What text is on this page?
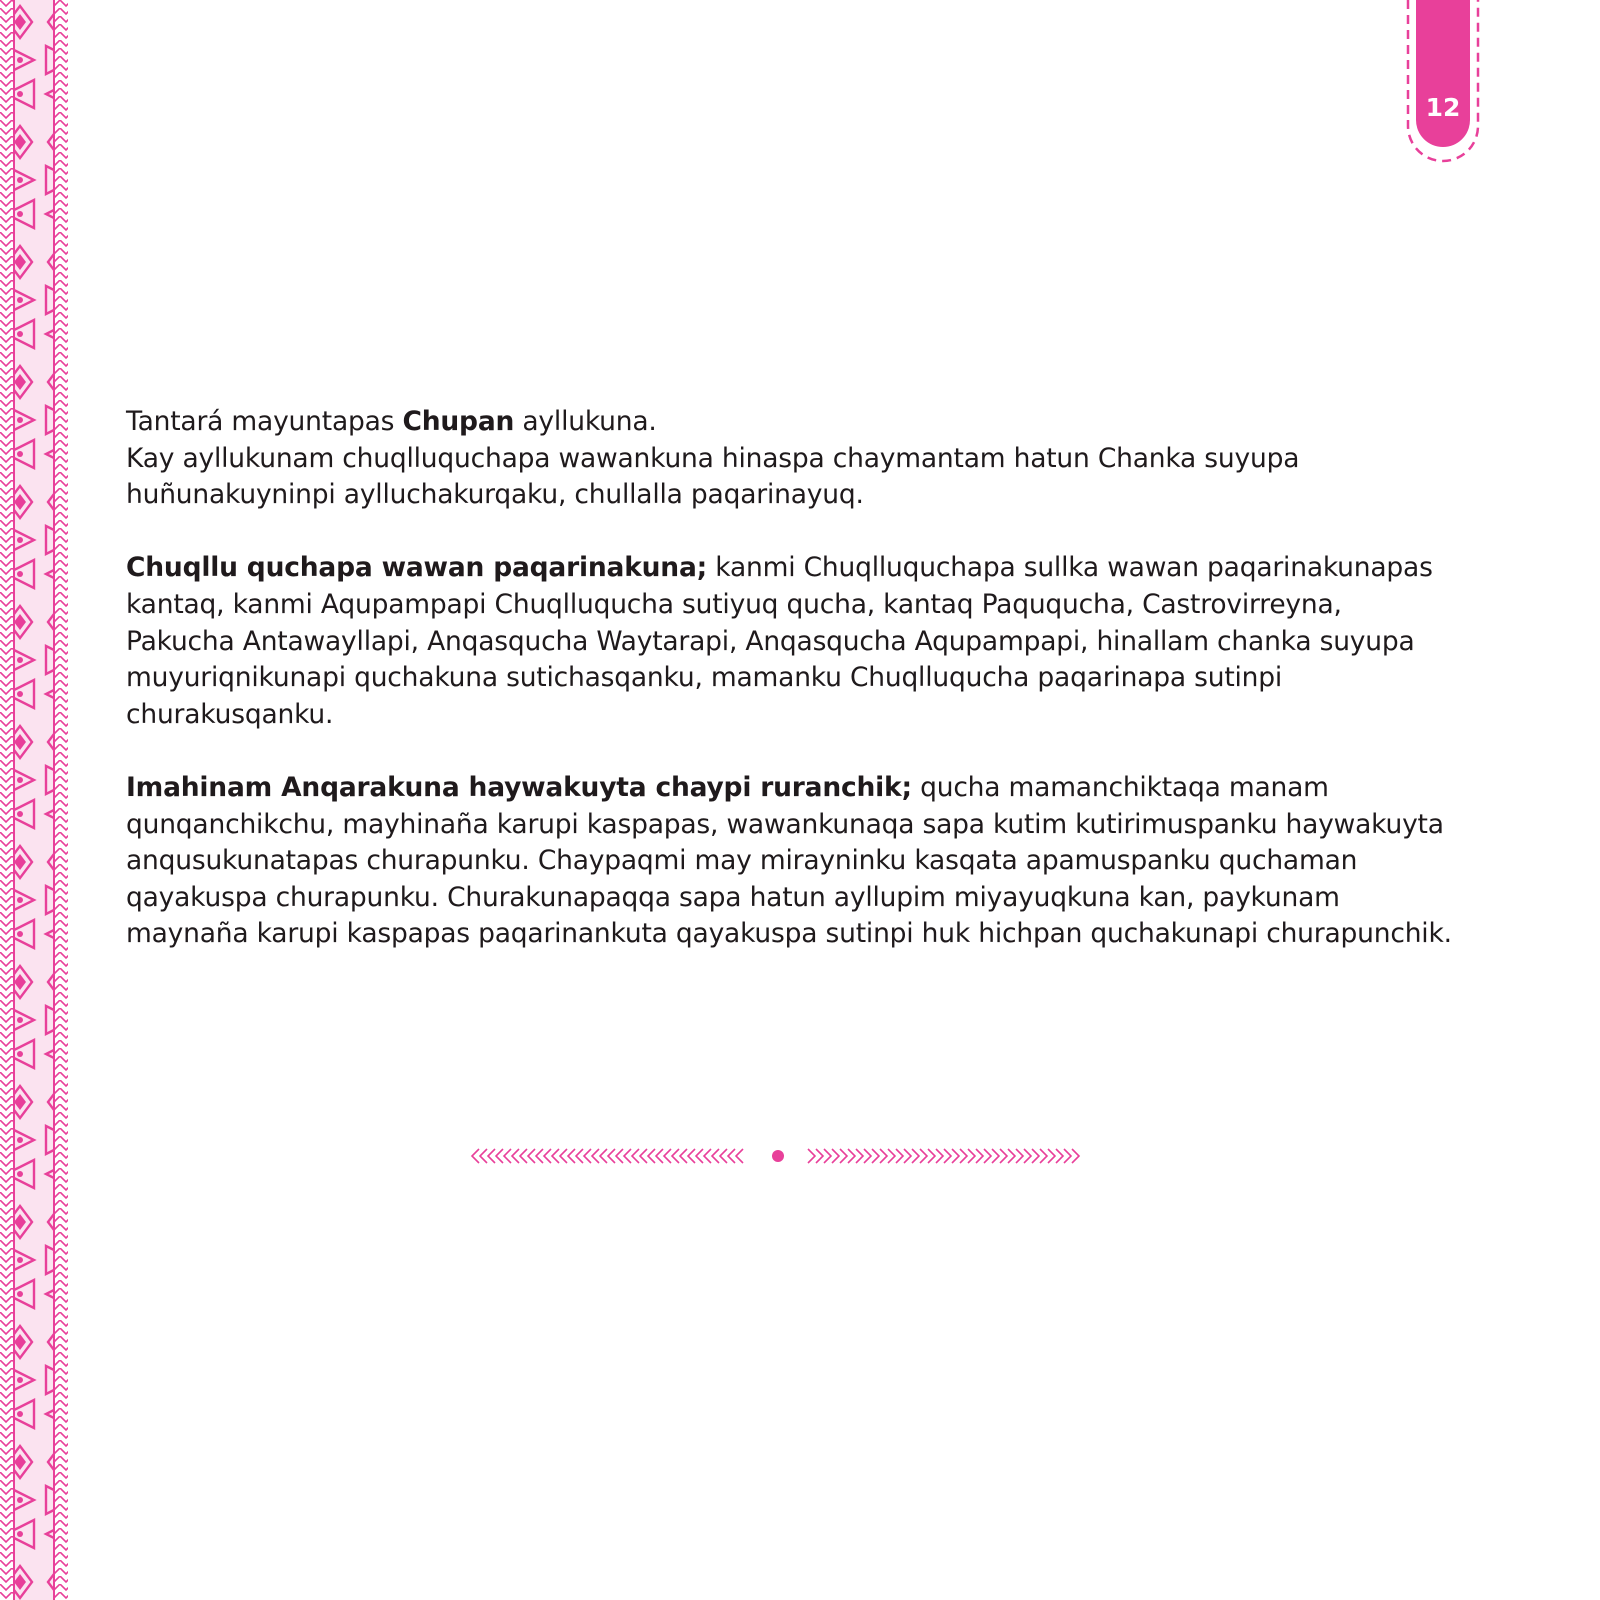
12

Tantará mayuntapas Chupan ayllukuna.
Kay ayllukunam chuqlluquchapa wawankuna hinaspa chaymantam hatun Chanka suyupa huñunakuyninpi aylluchakurqaku, chullalla paqarinayuq.

Chuqllu quchapa wawan paqarinakuna; kanmi Chuqlluquchapa sullka wawan paqarinakunapas kantaq, kanmi Aqupampapi Chuqlluqucha sutiyuq qucha, kantaq Paququcha, Castrovirreyna, Pakucha Antawayllapi, Anqasqucha Waytarapi, Anqasqucha Aqupampapi, hinallam chanka suyupa muyuriqnikunapi quchakuna sutichasqanku, mamanku Chuqlluqucha paqarinapa sutinpi churakusqanku.

Imahinam Anqarakuna haywakuyta chaypi ruranchik; qucha mamanchiktaqa manam qunqanchikchu, mayhinaña karupi kaspapas, wawankunaqa sapa kutim kutirimuspanku haywakuyta anqusukunatapas churapunku. Chaypaqmi may mirayninku kasqata apamuspanku quchaman qayakuspa churapunku. Churakunapaqqa sapa hatun ayllupim miyayuqkuna kan, paykunam maynaña karupi kaspapas paqarinankuta qayakuspa sutinpi huk hichpan quchakunapi churapunchik.
